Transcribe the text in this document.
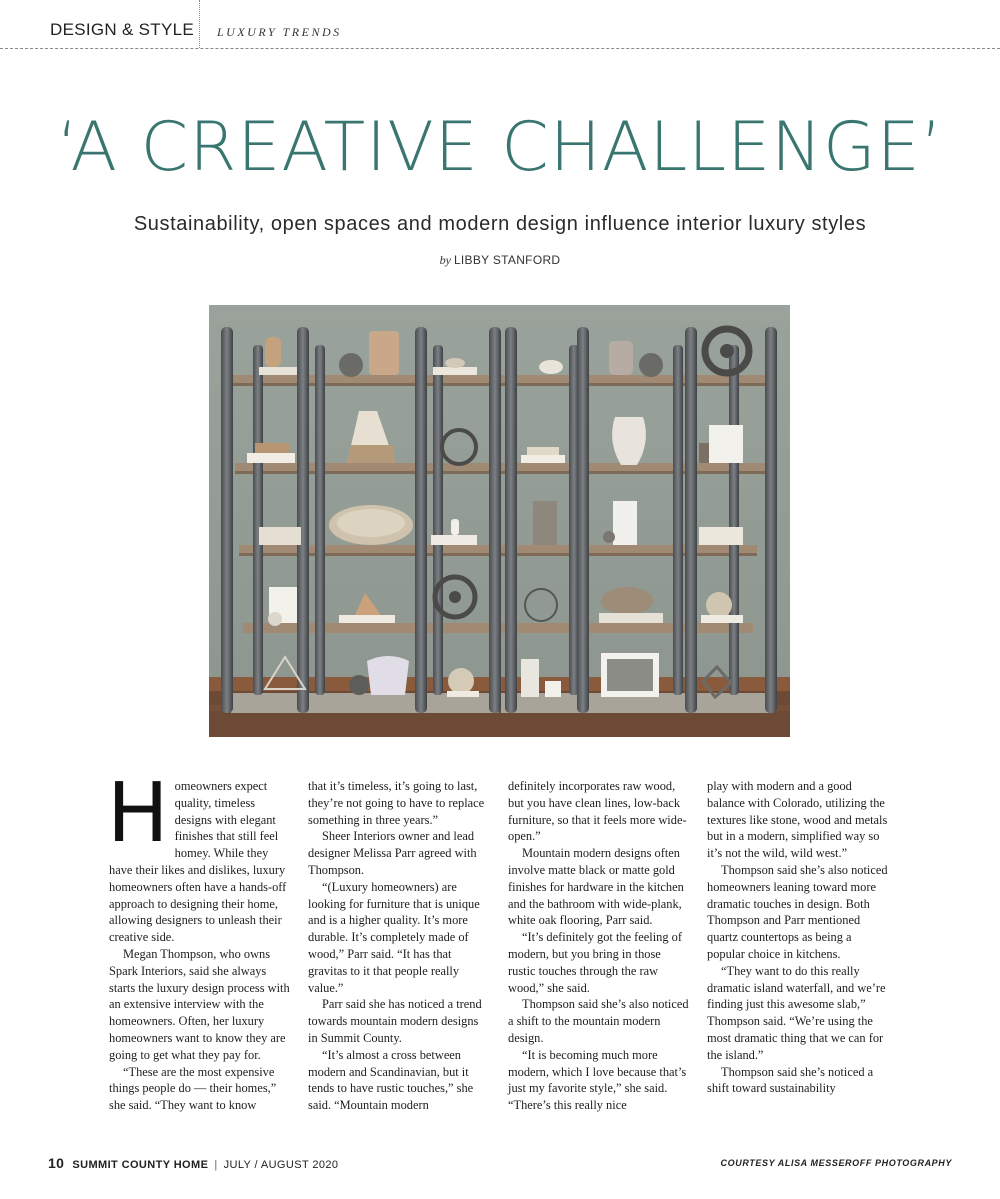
DESIGN & STYLE LUXURY TRENDS
‘A CREATIVE CHALLENGE’
Sustainability, open spaces and modern design influence interior luxury styles
by LIBBY STANFORD

Homeowners expect quality, timeless designs with elegant finishes that still feel homey. While they have their likes and dislikes, luxury homeowners often have a hands-off approach to designing their home, allowing designers to unleash their creative side.

Megan Thompson, who owns Spark Interiors, said she always starts the luxury design process with an extensive interview with the homeowners. Often, her luxury homeowners want to know they are going to get what they pay for.

“These are the most expensive things people do — their homes,” she said. “They want to know

that it’s timeless, it’s going to last, they’re not going to have to replace something in three years.”

Sheer Interiors owner and lead designer Melissa Parr agreed with Thompson.

“(Luxury homeowners) are looking for furniture that is unique and is a higher quality. It’s more durable. It’s completely made of wood,” Parr said. “It has that gravitas to it that people really value.”

Parr said she has noticed a trend towards mountain modern designs in Summit County.

“It’s almost a cross between modern and Scandinavian, but it tends to have rustic touches,” she said. “Mountain modern

definitely incorporates raw wood, but you have clean lines, low-back furniture, so that it feels more wide-open.”

Mountain modern designs often involve matte black or matte gold finishes for hardware in the kitchen and the bathroom with wide-plank, white oak flooring, Parr said.

“It’s definitely got the feeling of modern, but you bring in those rustic touches through the raw wood,” she said.

Thompson said she’s also noticed a shift to the mountain modern design.

“It is becoming much more modern, which I love because that’s just my favorite style,” she said. “There’s this really nice

play with modern and a good balance with Colorado, utilizing the textures like stone, wood and metals but in a modern, simplified way so it’s not the wild, wild west.”

Thompson said she’s also noticed homeowners leaning toward more dramatic touches in design. Both Thompson and Parr mentioned quartz countertops as being a popular choice in kitchens.

“They want to do this really dramatic island waterfall, and we’re finding just this awesome slab,” Thompson said. “We’re using the most dramatic thing that we can for the island.”

Thompson said she’s noticed a shift toward sustainability

10 SUMMIT COUNTY HOME | JULY / AUGUST 2020	COURTESY ALISA MESSEROFF PHOTOGRAPHY
